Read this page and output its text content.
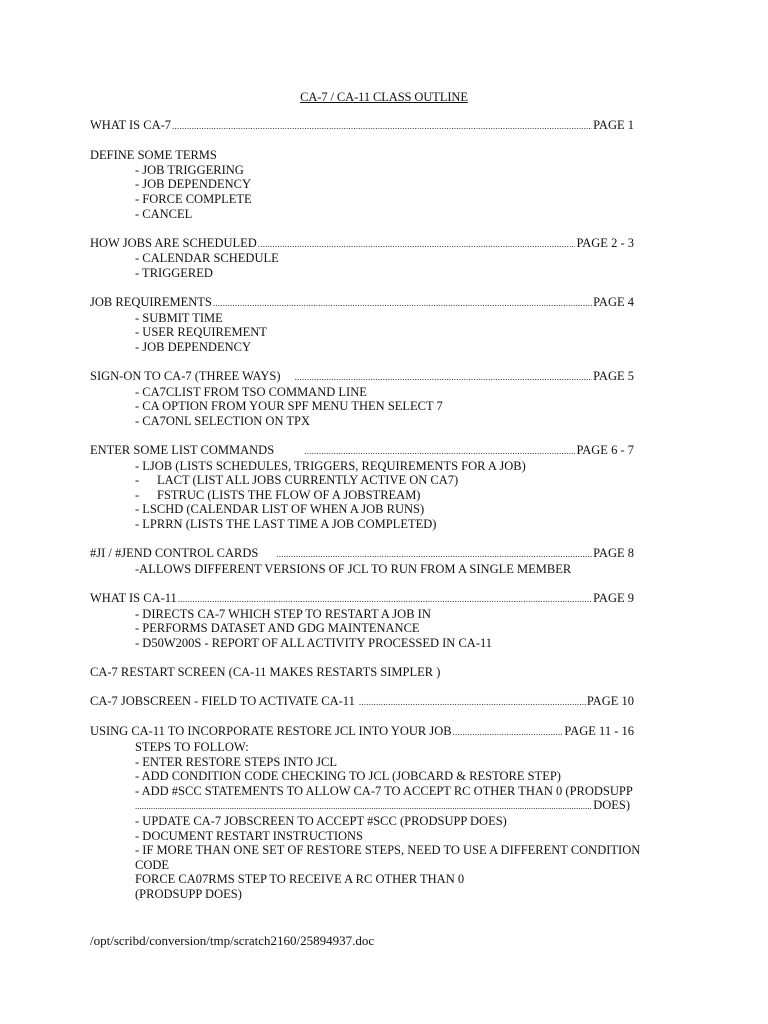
CA-7 / CA-11 CLASS OUTLINE
WHAT IS CA-7 .....	PAGE 1
DEFINE SOME TERMS
- JOB TRIGGERING
- JOB DEPENDENCY
- FORCE COMPLETE
- CANCEL
HOW JOBS ARE SCHEDULED .....	PAGE 2 - 3
- CALENDAR SCHEDULE
- TRIGGERED
JOB REQUIREMENTS .....	PAGE 4
- SUBMIT TIME
- USER REQUIREMENT
- JOB DEPENDENCY
SIGN-ON TO CA-7 (THREE WAYS) .....	PAGE 5
- CA7CLIST FROM TSO COMMAND LINE
- CA OPTION FROM YOUR SPF MENU THEN SELECT 7
- CA7ONL SELECTION ON TPX
ENTER SOME LIST COMMANDS .....	PAGE 6 - 7
- LJOB (LISTS SCHEDULES, TRIGGERS, REQUIREMENTS FOR A JOB)
-	LACT (LIST ALL JOBS CURRENTLY ACTIVE ON CA7)
-	FSTRUC (LISTS THE FLOW OF A JOBSTREAM)
- LSCHD (CALENDAR LIST OF WHEN A JOB RUNS)
- LPRRN (LISTS THE LAST TIME A JOB COMPLETED)
#JI / #JEND CONTROL CARDS .....	PAGE 8
-ALLOWS DIFFERENT VERSIONS OF JCL TO RUN FROM A SINGLE MEMBER
WHAT IS CA-11 .....	PAGE 9
- DIRECTS CA-7 WHICH STEP TO RESTART A JOB IN
- PERFORMS DATASET AND GDG MAINTENANCE
- D50W200S - REPORT OF ALL ACTIVITY PROCESSED IN CA-11
CA-7 RESTART SCREEN (CA-11 MAKES RESTARTS SIMPLER )
CA-7 JOBSCREEN - FIELD TO ACTIVATE CA-11 .....	PAGE 10
USING CA-11 TO INCORPORATE RESTORE JCL INTO YOUR JOB .....	PAGE 11 - 16
STEPS TO FOLLOW:
- ENTER RESTORE STEPS INTO JCL
- ADD CONDITION CODE CHECKING TO JCL (JOBCARD & RESTORE STEP)
- ADD #SCC STATEMENTS TO ALLOW CA-7 TO ACCEPT RC OTHER THAN 0 (PRODSUPP
.....
DOES)
- UPDATE CA-7 JOBSCREEN TO ACCEPT #SCC (PRODSUPP DOES)
- DOCUMENT RESTART INSTRUCTIONS
- IF MORE THAN ONE SET OF RESTORE STEPS, NEED TO USE A DIFFERENT CONDITION
CODE
FORCE CA07RMS STEP TO RECEIVE A RC OTHER THAN 0
(PRODSUPP DOES)
/opt/scribd/conversion/tmp/scratch2160/25894937.doc
